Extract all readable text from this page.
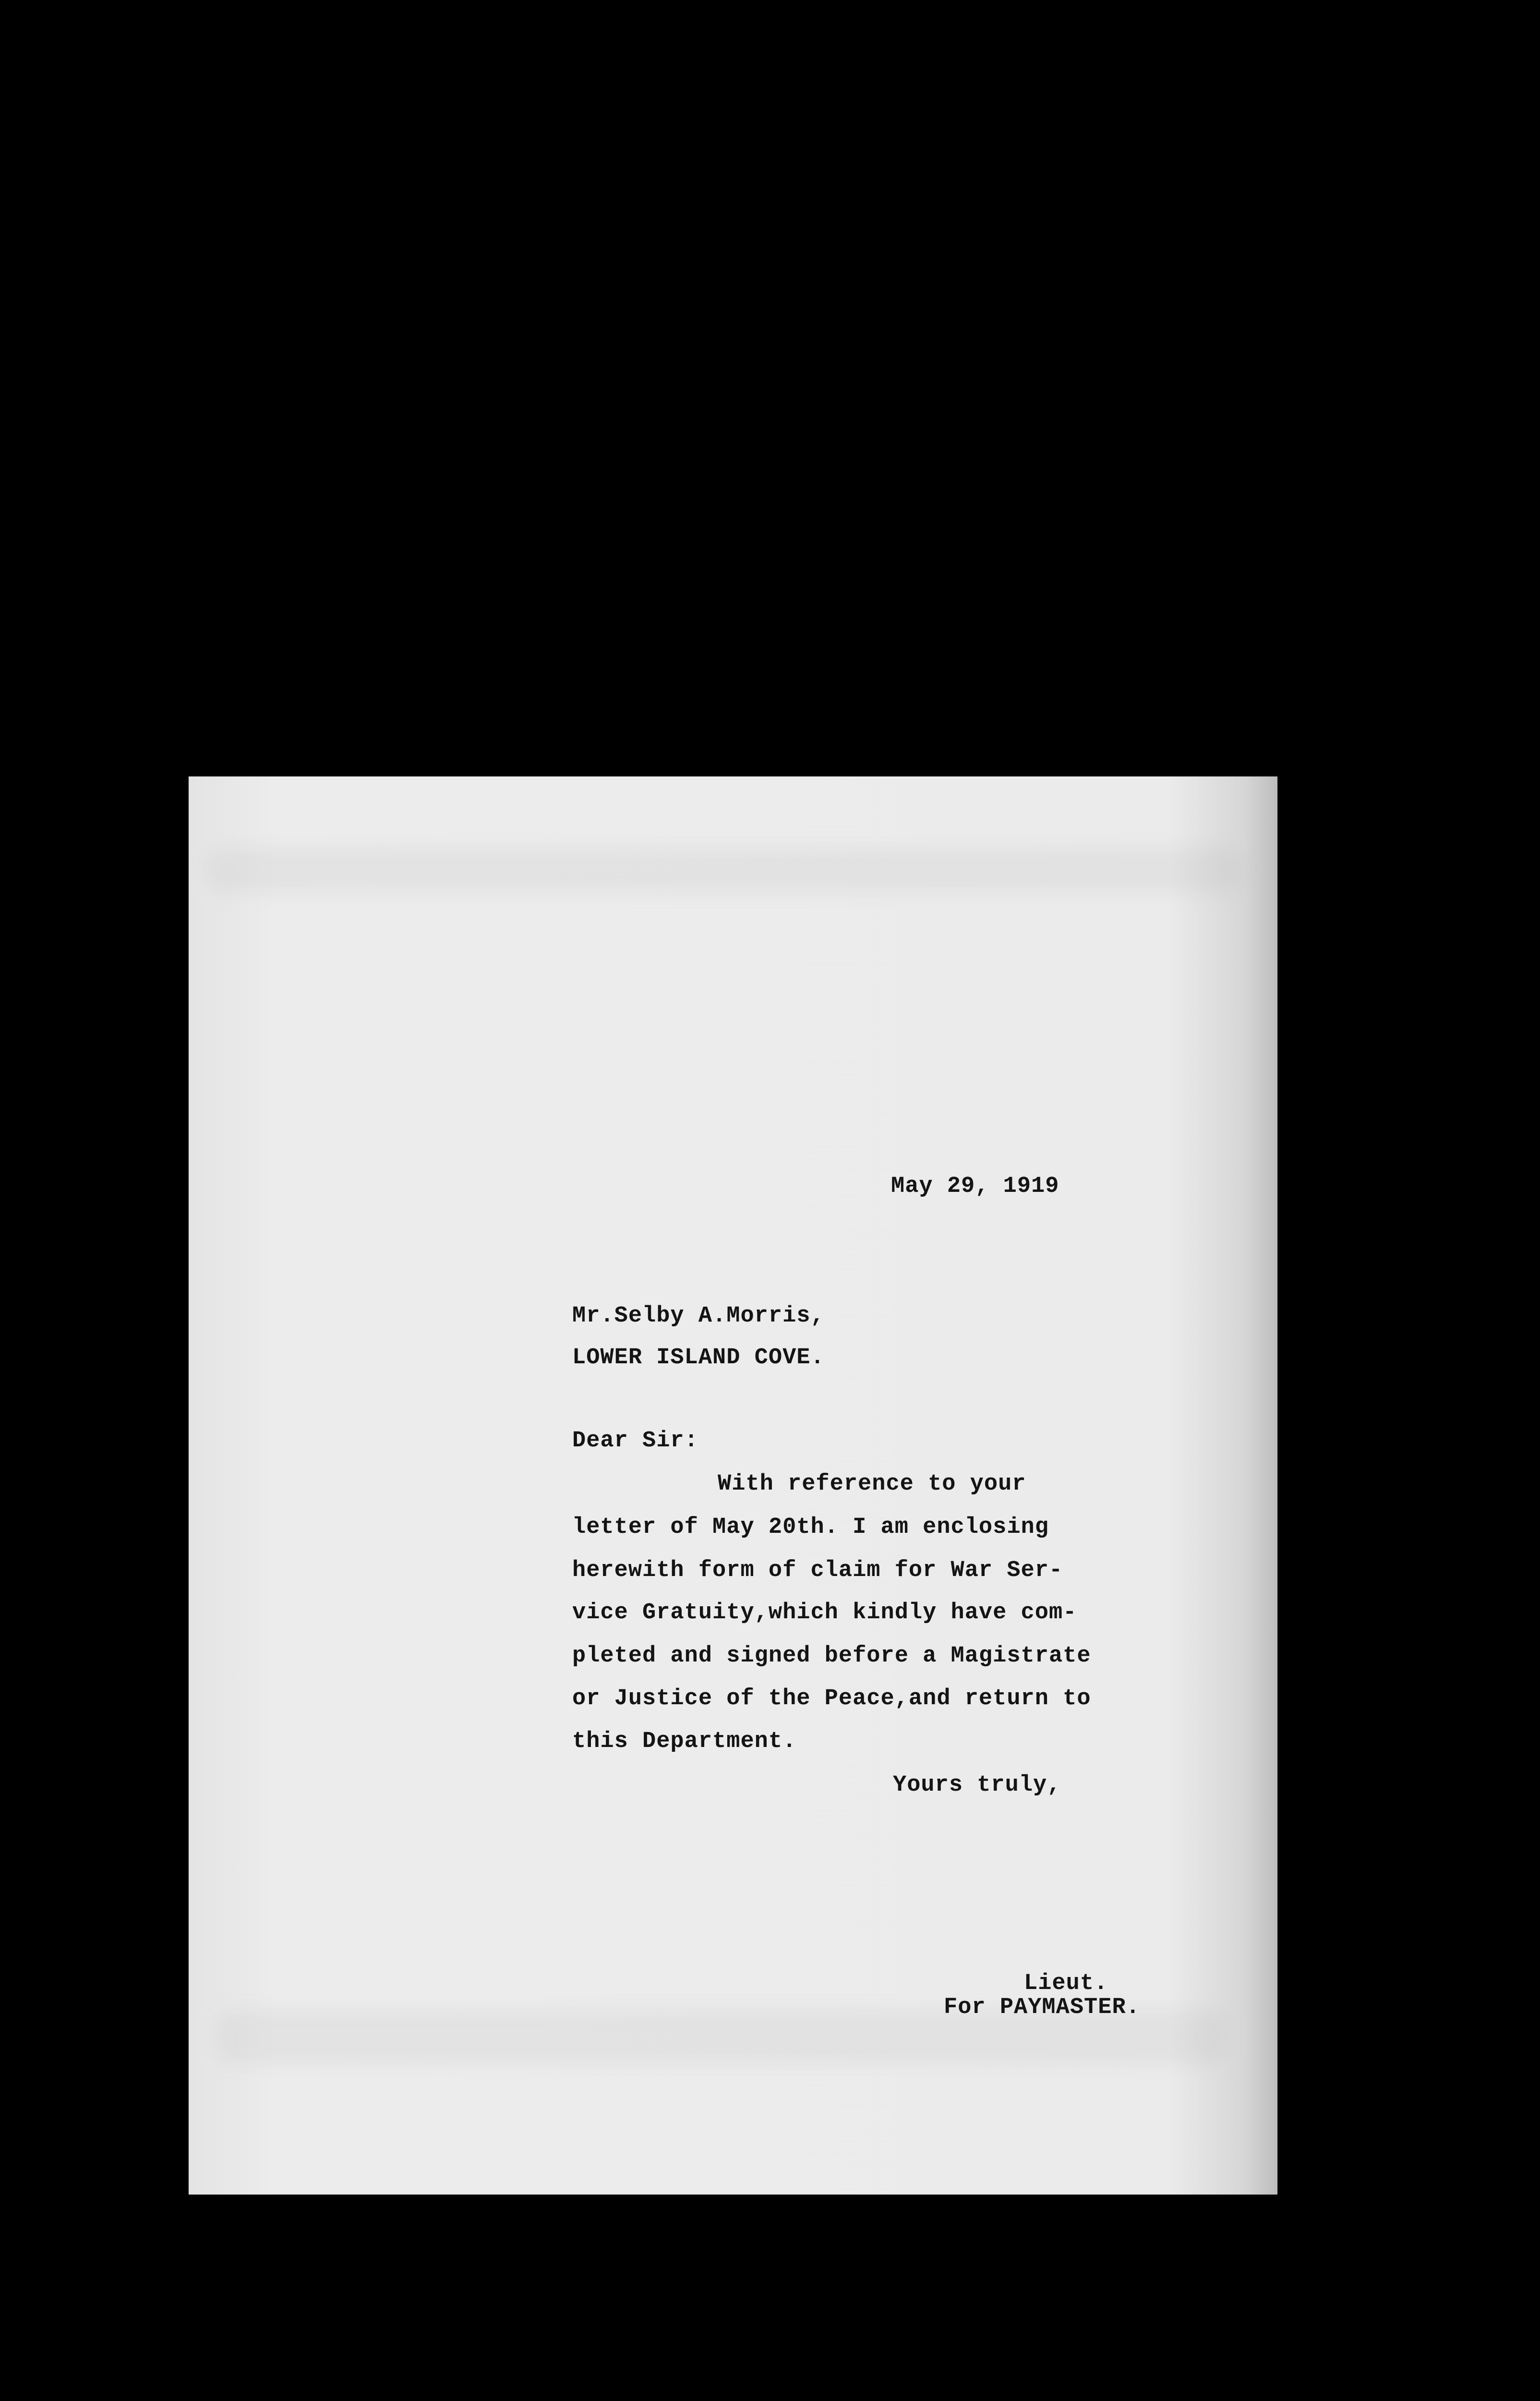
May 29, 1919
Mr.Selby A.Morris,
LOWER ISLAND COVE.
Dear Sir:
With reference to your
letter of May 20th. I am enclosing
herewith form of claim for War Ser-
vice Gratuity,which kindly have com-
pleted and signed before a Magistrate
or Justice of the Peace,and return to
this Department.
Yours truly,
Lieut.
For PAYMASTER.
